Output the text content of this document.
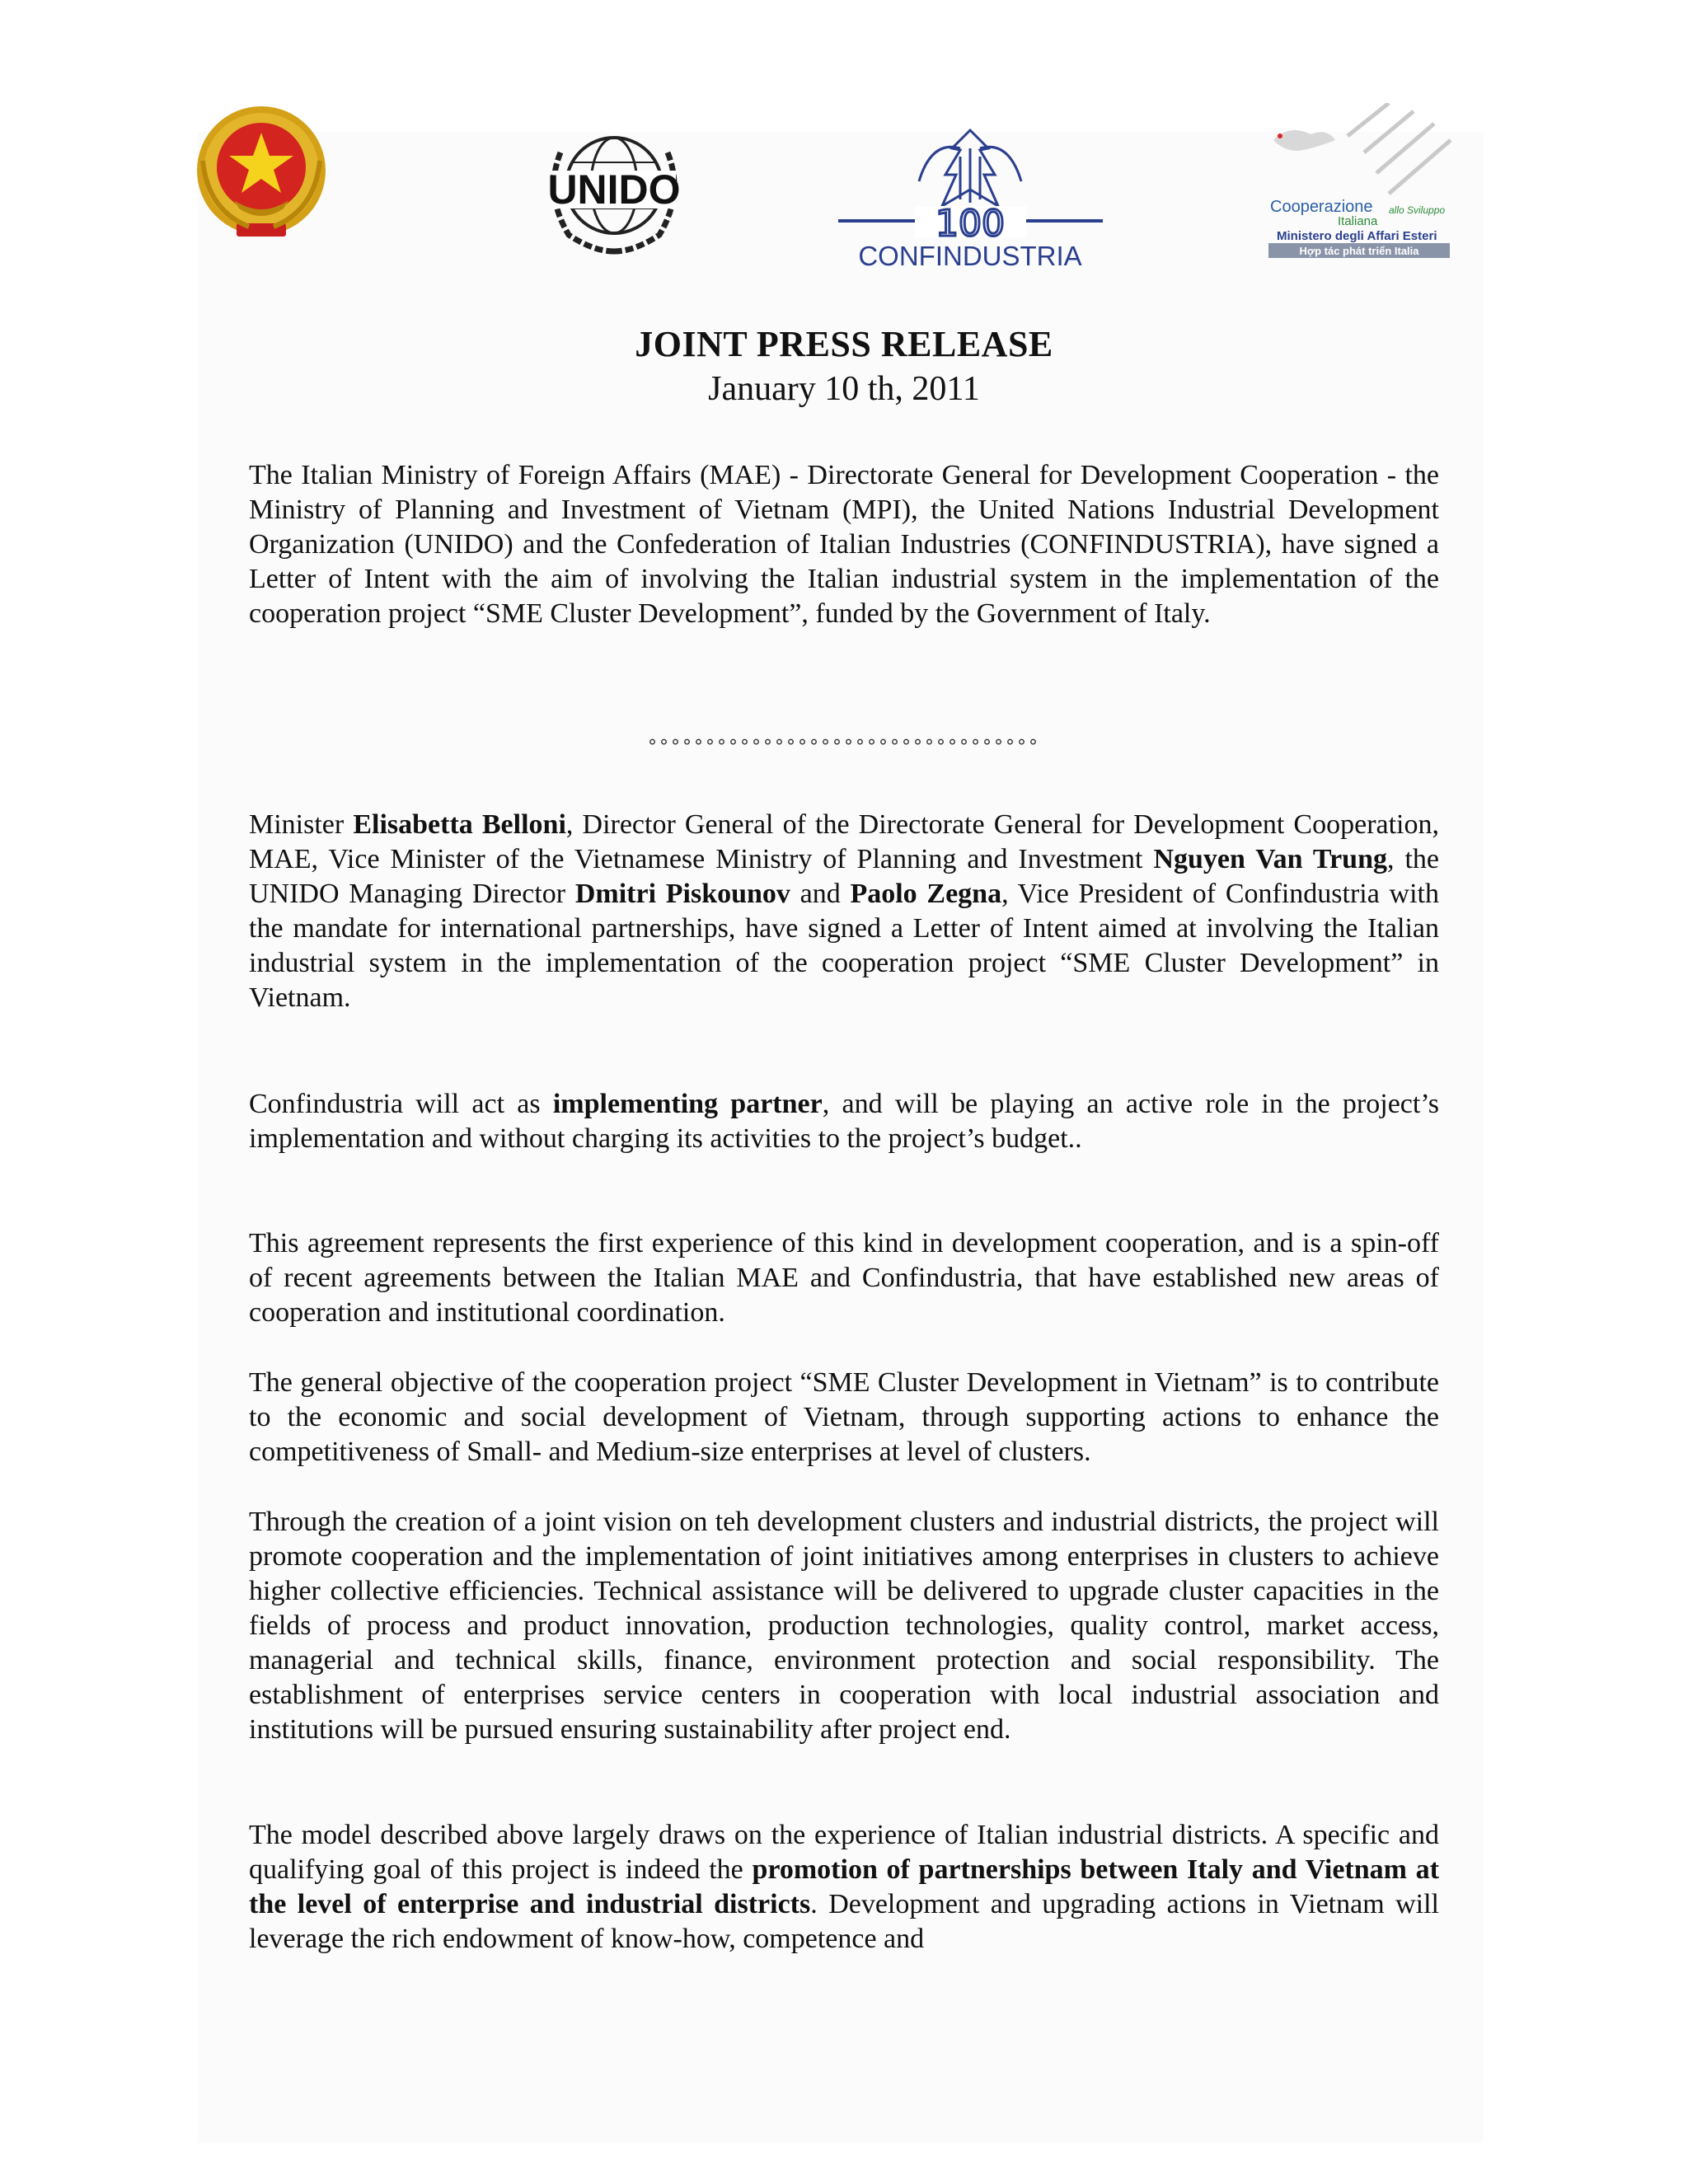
UNIDO
100
CONFINDUSTRIA
Cooperazione
Italiana
allo Sviluppo
Ministero degli Affari Esteri
Hợp tác phát triển Italia
JOINT PRESS RELEASE
January 10 th, 2011

The Italian Ministry of Foreign Affairs (MAE) - Directorate General for Development Cooperation - the Ministry of Planning and Investment of Vietnam (MPI), the United Nations Industrial Development Organization (UNIDO) and the Confederation of Italian Industries (CONFINDUSTRIA), have signed a Letter of Intent with the aim of involving the Italian industrial system in the implementation of the cooperation project “SME Cluster Development”, funded by the Government of Italy.

°°°°°°°°°°°°°°°°°°°°°°°°°°°°°°°°°°

Minister Elisabetta Belloni, Director General of the Directorate General for Development Cooperation, MAE, Vice Minister of the Vietnamese Ministry of Planning and Investment Nguyen Van Trung, the UNIDO Managing Director Dmitri Piskounov and Paolo Zegna, Vice President of Confindustria with the mandate for international partnerships, have signed a Letter of Intent aimed at involving the Italian industrial system in the implementation of the cooperation project “SME Cluster Development” in Vietnam.

Confindustria will act as implementing partner, and will be playing an active role in the project’s implementation and without charging its activities to the project’s budget..

This agreement represents the first experience of this kind in development cooperation, and is a spin-off of recent agreements between the Italian MAE and Confindustria, that have established new areas of cooperation and institutional coordination.

The general objective of the cooperation project “SME Cluster Development in Vietnam” is to contribute to the economic and social development of Vietnam, through supporting actions to enhance the competitiveness of Small- and Medium-size enterprises at level of clusters.

Through the creation of a joint vision on teh development clusters and industrial districts, the project will promote cooperation and the implementation of joint initiatives among enterprises in clusters to achieve higher collective efficiencies. Technical assistance will be delivered to upgrade cluster capacities in the fields of process and product innovation, production technologies, quality control, market access, managerial and technical skills, finance, environment protection and social responsibility. The establishment of enterprises service centers in cooperation with local industrial association and institutions will be pursued ensuring sustainability after project end.

The model described above largely draws on the experience of Italian industrial districts. A specific and qualifying goal of this project is indeed the promotion of partnerships between Italy and Vietnam at the level of enterprise and industrial districts. Development and upgrading actions in Vietnam will leverage the rich endowment of know-how, competence and
